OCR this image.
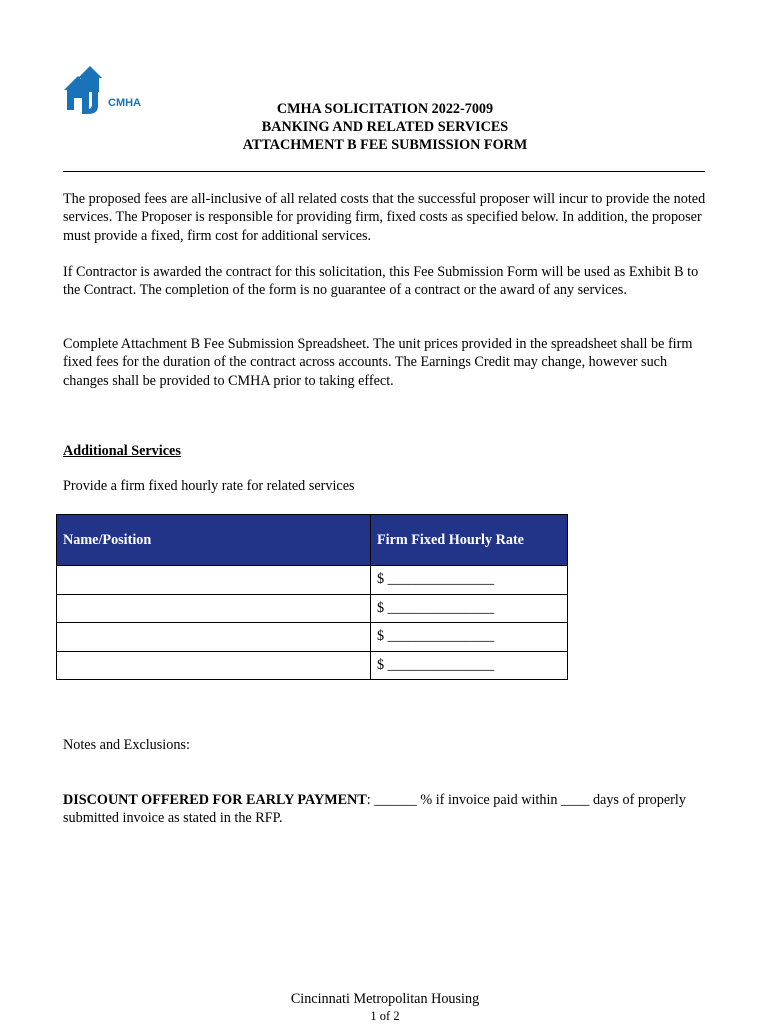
CMHA	CMHA SOLICITATION 2022-7009
BANKING AND RELATED SERVICES
ATTACHMENT B FEE SUBMISSION FORM

The proposed fees are all-inclusive of all related costs that the successful proposer will incur to provide the noted services. The Proposer is responsible for providing firm, fixed costs as specified below. In addition, the proposer must provide a fixed, firm cost for additional services.

If Contractor is awarded the contract for this solicitation, this Fee Submission Form will be used as Exhibit B to the Contract. The completion of the form is no guarantee of a contract or the award of any services.

Complete Attachment B Fee Submission Spreadsheet. The unit prices provided in the spreadsheet shall be firm fixed fees for the duration of the contract across accounts. The Earnings Credit may change, however such changes shall be provided to CMHA prior to taking effect.

Additional Services
Provide a firm fixed hourly rate for related services
Name/Position	Firm Fixed Hourly Rate
	$ _______________
	$ _______________
	$ _______________
	$ _______________
Notes and Exclusions:

DISCOUNT OFFERED FOR EARLY PAYMENT: ______ % if invoice paid within ____ days of properly submitted invoice as stated in the RFP.

Cincinnati Metropolitan Housing
1 of 2
